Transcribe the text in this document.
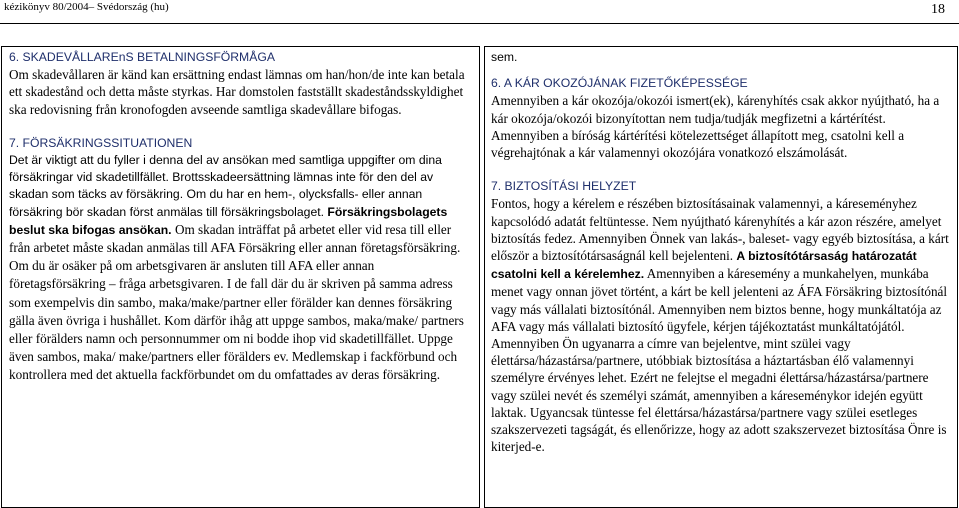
kézikönyv 80/2004– Svédország (hu)	18

6. SKADEVÅLLAREnS BETALNINGSFÖRMÅGA

Om skadevållaren är känd kan ersättning endast lämnas om han/hon/de inte kan betala ett skadestånd och detta måste styrkas. Har domstolen fastställt skadeståndsskyldighet ska redovisning från kronofogden avseende samtliga skadevållare bifogas.

7. FÖRSÄKRINGSSITUATIONEN

Det är viktigt att du fyller i denna del av ansökan med samtliga uppgifter om dina försäkringar vid skadetillfället. Brottsskadeersättning lämnas inte för den del av skadan som täcks av försäkring. Om du har en hem-, olycksfalls- eller annan försäkring bör skadan först anmälas till försäkringsbolaget. Försäkringsbolagets beslut ska bifogas ansökan. Om skadan inträffat på arbetet eller vid resa till eller från arbetet måste skadan anmälas till AFA Försäkring eller annan företagsförsäkring. Om du är osäker på om arbetsgivaren är ansluten till AFA eller annan företagsförsäkring – fråga arbetsgivaren. I de fall där du är skriven på samma adress som exempelvis din sambo, maka/make/partner eller förälder kan dennes försäkring gälla även övriga i hushållet. Kom därför ihåg att uppge sambos, maka/make/ partners eller förälders namn och personnummer om ni bodde ihop vid skadetillfället. Uppge även sambos, maka/ make/partners eller förälders ev. Medlemskap i fackförbund och kontrollera med det aktuella fackförbundet om du omfattades av deras försäkring.

sem.

6. A KÁR OKOZÓJÁNAK FIZETŐKÉPESSÉGE

Amennyiben a kár okozója/okozói ismert(ek), kárenyhítés csak akkor nyújtható, ha a kár okozója/okozói bizonyítottan nem tudja/tudják megfizetni a kártérítést. Amennyiben a bíróság kártérítési kötelezettséget állapított meg, csatolni kell a végrehajtónak a kár valamennyi okozójára vonatkozó elszámolását.

7. BIZTOSÍTÁSI HELYZET

Fontos, hogy a kérelem e részében biztosításainak valamennyi, a káreseményhez kapcsolódó adatát feltüntesse. Nem nyújtható kárenyhítés a kár azon részére, amelyet biztosítás fedez. Amennyiben Önnek van lakás-, baleset- vagy egyéb biztosítása, a kárt először a biztosítótársaságnál kell bejelenteni. A biztosítótársaság határozatát csatolni kell a kérelemhez. Amennyiben a káresemény a munkahelyen, munkába menet vagy onnan jövet történt, a kárt be kell jelenteni az ÁFA Försäkring biztosítónál vagy más vállalati biztosítónál. Amennyiben nem biztos benne, hogy munkáltatója az AFA vagy más vállalati biztosító ügyfele, kérjen tájékoztatást munkáltatójától. Amennyiben Ön ugyanarra a címre van bejelentve, mint szülei vagy élettársa/házastársa/partnere, utóbbiak biztosítása a háztartásban élő valamennyi személyre érvényes lehet. Ezért ne felejtse el megadni élettársa/házastársa/partnere vagy szülei nevét és személyi számát, amennyiben a káreseménykor idején együtt laktak. Ugyancsak tüntesse fel élettársa/házastársa/partnere vagy szülei esetleges szakszervezeti tagságát, és ellenőrizze, hogy az adott szakszervezet biztosítása Önre is kiterjed-e.
